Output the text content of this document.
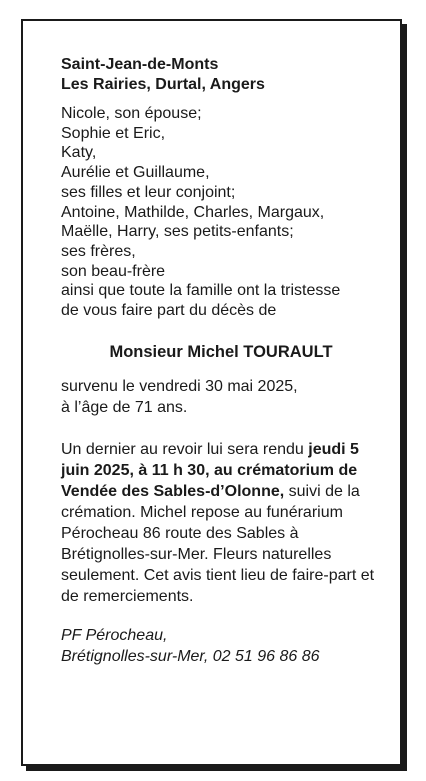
Saint-Jean-de-Monts
Les Rairies, Durtal, Angers
Nicole, son épouse;
Sophie et Eric,
Katy,
Aurélie et Guillaume,
ses filles et leur conjoint;
Antoine, Mathilde, Charles, Margaux,
Maëlle, Harry, ses petits-enfants;
ses frères,
son beau-frère
ainsi que toute la famille ont la tristesse
de vous faire part du décès de
Monsieur Michel TOURAULT
survenu le vendredi 30 mai 2025,
à l’âge de 71 ans.
Un dernier au revoir lui sera rendu jeudi 5 juin 2025, à 11 h 30, au crématorium de Vendée des Sables-d’Olonne, suivi de la crémation. Michel repose au funérarium Pérocheau 86 route des Sables à Brétignolles-sur-Mer. Fleurs naturelles seulement. Cet avis tient lieu de faire-part et de remerciements.
PF Pérocheau,
Brétignolles-sur-Mer, 02 51 96 86 86
